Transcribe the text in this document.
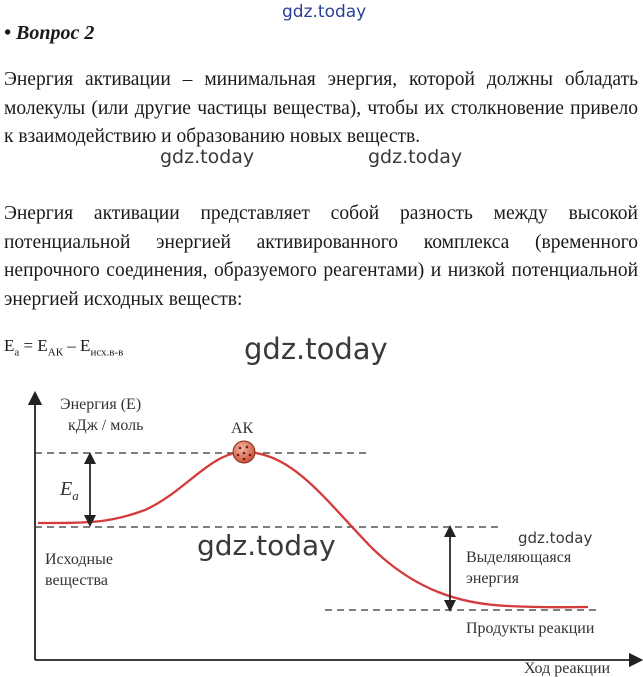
gdz.today
• Вопрос 2

Энергия активации – минимальная энергия, которой должны обладать молекулы (или другие частицы вещества), чтобы их столкновение привело к взаимодействию и образованию новых веществ.

gdz.today	gdz.today

Энергия активации представляет собой разность между высокой потенциальной энергией активированного комплекса (временного непрочного соединения, образуемого реагентами) и низкой потенциальной энергией исходных веществ:

$E_а = E_{АК} - E_{исх.в-в}$	gdz.today
Энергия (E)
кДж / моль	АК
$E_а$
Исходные
вещества
Выделяющаяся
энергия
Продукты реакции
Ход реакции
gdz.today
gdz.today
